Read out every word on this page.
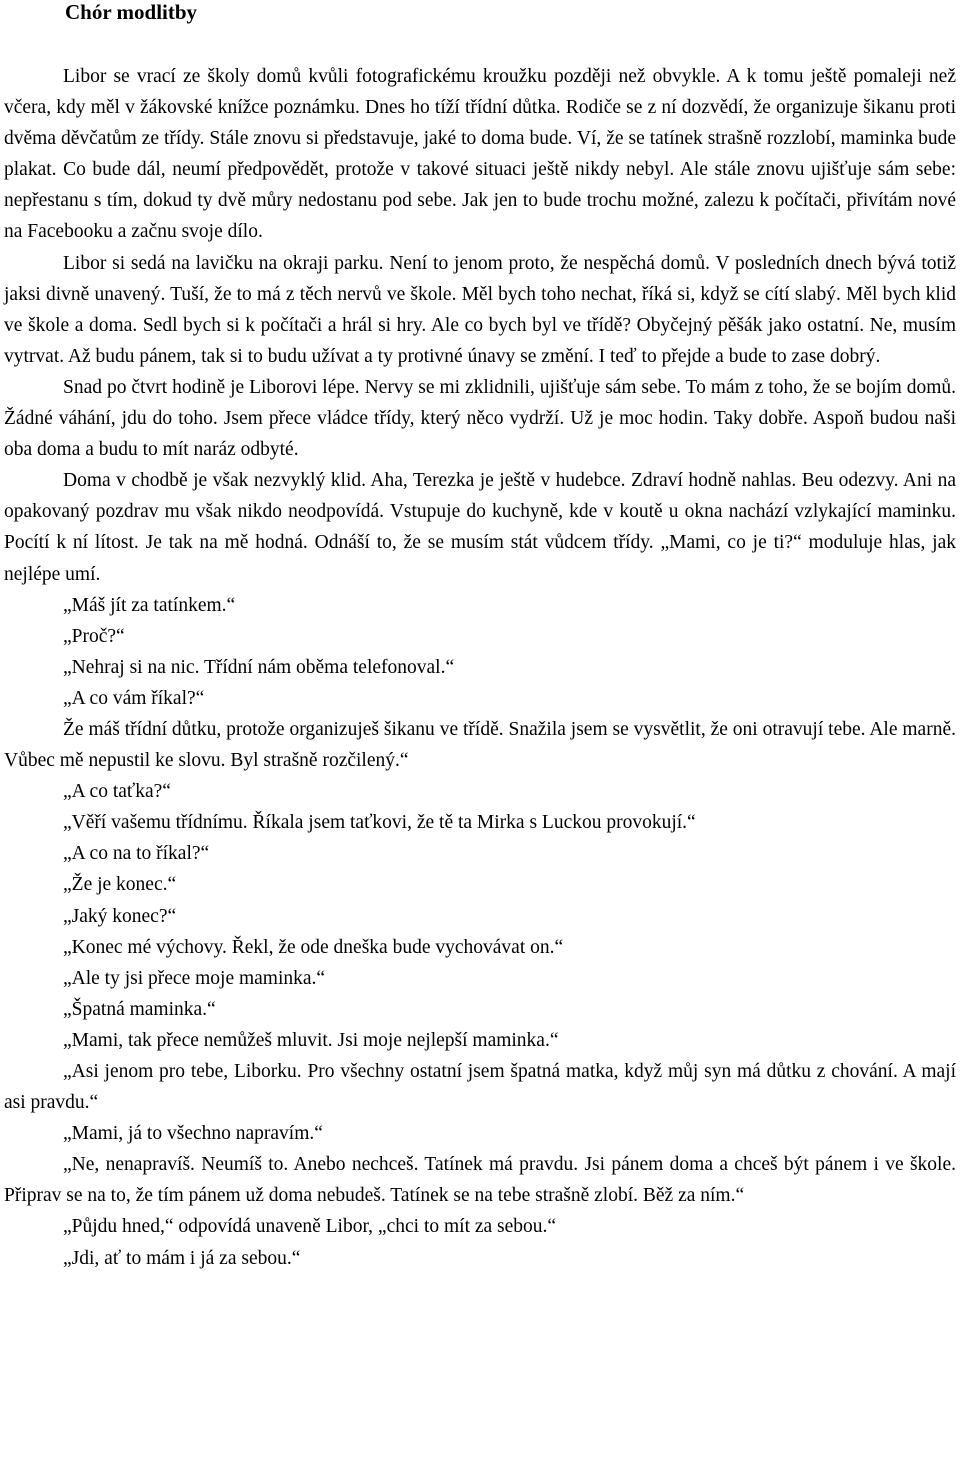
Chór modlitby

Libor se vrací ze školy domů kvůli fotografickému kroužku později než obvykle. A k tomu ještě pomaleji než včera, kdy měl v žákovské knížce poznámku. Dnes ho tíží třídní důtka. Rodiče se z ní dozvědí, že organizuje šikanu proti dvěma děvčatům ze třídy. Stále znovu si představuje, jaké to doma bude. Ví, že se tatínek strašně rozzlobí, maminka bude plakat. Co bude dál, neumí předpovědět, protože v takové situaci ještě nikdy nebyl. Ale stále znovu ujišťuje sám sebe: nepřestanu s tím, dokud ty dvě můry nedostanu pod sebe. Jak jen to bude trochu možné, zalezu k počítači, přivítám nové na Facebooku a začnu svoje dílo.

Libor si sedá na lavičku na okraji parku. Není to jenom proto, že nespěchá domů. V posledních dnech bývá totiž jaksi divně unavený. Tuší, že to má z těch nervů ve škole. Měl bych toho nechat, říká si, když se cítí slabý. Měl bych klid ve škole a doma. Sedl bych si k počítači a hrál si hry. Ale co bych byl ve třídě? Obyčejný pěšák jako ostatní. Ne, musím vytrvat. Až budu pánem, tak si to budu užívat a ty protivné únavy se změní. I teď to přejde a bude to zase dobrý.

Snad po čtvrt hodině je Liborovi lépe. Nervy se mi zklidnili, ujišťuje sám sebe. To mám z toho, že se bojím domů. Žádné váhání, jdu do toho. Jsem přece vládce třídy, který něco vydrží. Už je moc hodin. Taky dobře. Aspoň budou naši oba doma a budu to mít naráz odbyté.

Doma v chodbě je však nezvyklý klid. Aha, Terezka je ještě v hudebce. Zdraví hodně nahlas. Beu odezvy. Ani na opakovaný pozdrav mu však nikdo neodpovídá. Vstupuje do kuchyně, kde v koutě u okna nachází vzlykající maminku. Pocítí k ní lítost. Je tak na mě hodná. Odnáší to, že se musím stát vůdcem třídy. „Mami, co je ti?“ moduluje hlas, jak nejlépe umí.

„Máš jít za tatínkem.“

„Proč?“

„Nehraj si na nic. Třídní nám oběma telefonoval.“

„A co vám říkal?“

Že máš třídní důtku, protože organizuješ šikanu ve třídě. Snažila jsem se vysvětlit, že oni otravují tebe. Ale marně. Vůbec mě nepustil ke slovu. Byl strašně rozčilený.“

„A co taťka?“

„Věří vašemu třídnímu. Říkala jsem taťkovi, že tě ta Mirka s Luckou provokují.“

„A co na to říkal?“

„Že je konec.“

„Jaký konec?“

„Konec mé výchovy. Řekl, že ode dneška bude vychovávat on.“

„Ale ty jsi přece moje maminka.“

„Špatná maminka.“

„Mami, tak přece nemůžeš mluvit. Jsi moje nejlepší maminka.“

„Asi jenom pro tebe, Liborku. Pro všechny ostatní jsem špatná matka, když můj syn má důtku z chování. A mají asi pravdu.“

„Mami, já to všechno napravím.“

„Ne, nenapravíš. Neumíš to. Anebo nechceš. Tatínek má pravdu. Jsi pánem doma a chceš být pánem i ve škole. Připrav se na to, že tím pánem už doma nebudeš. Tatínek se na tebe strašně zlobí. Běž za ním.“

„Půjdu hned,“ odpovídá unaveně Libor, „chci to mít za sebou.“

„Jdi, ať to mám i já za sebou.“
